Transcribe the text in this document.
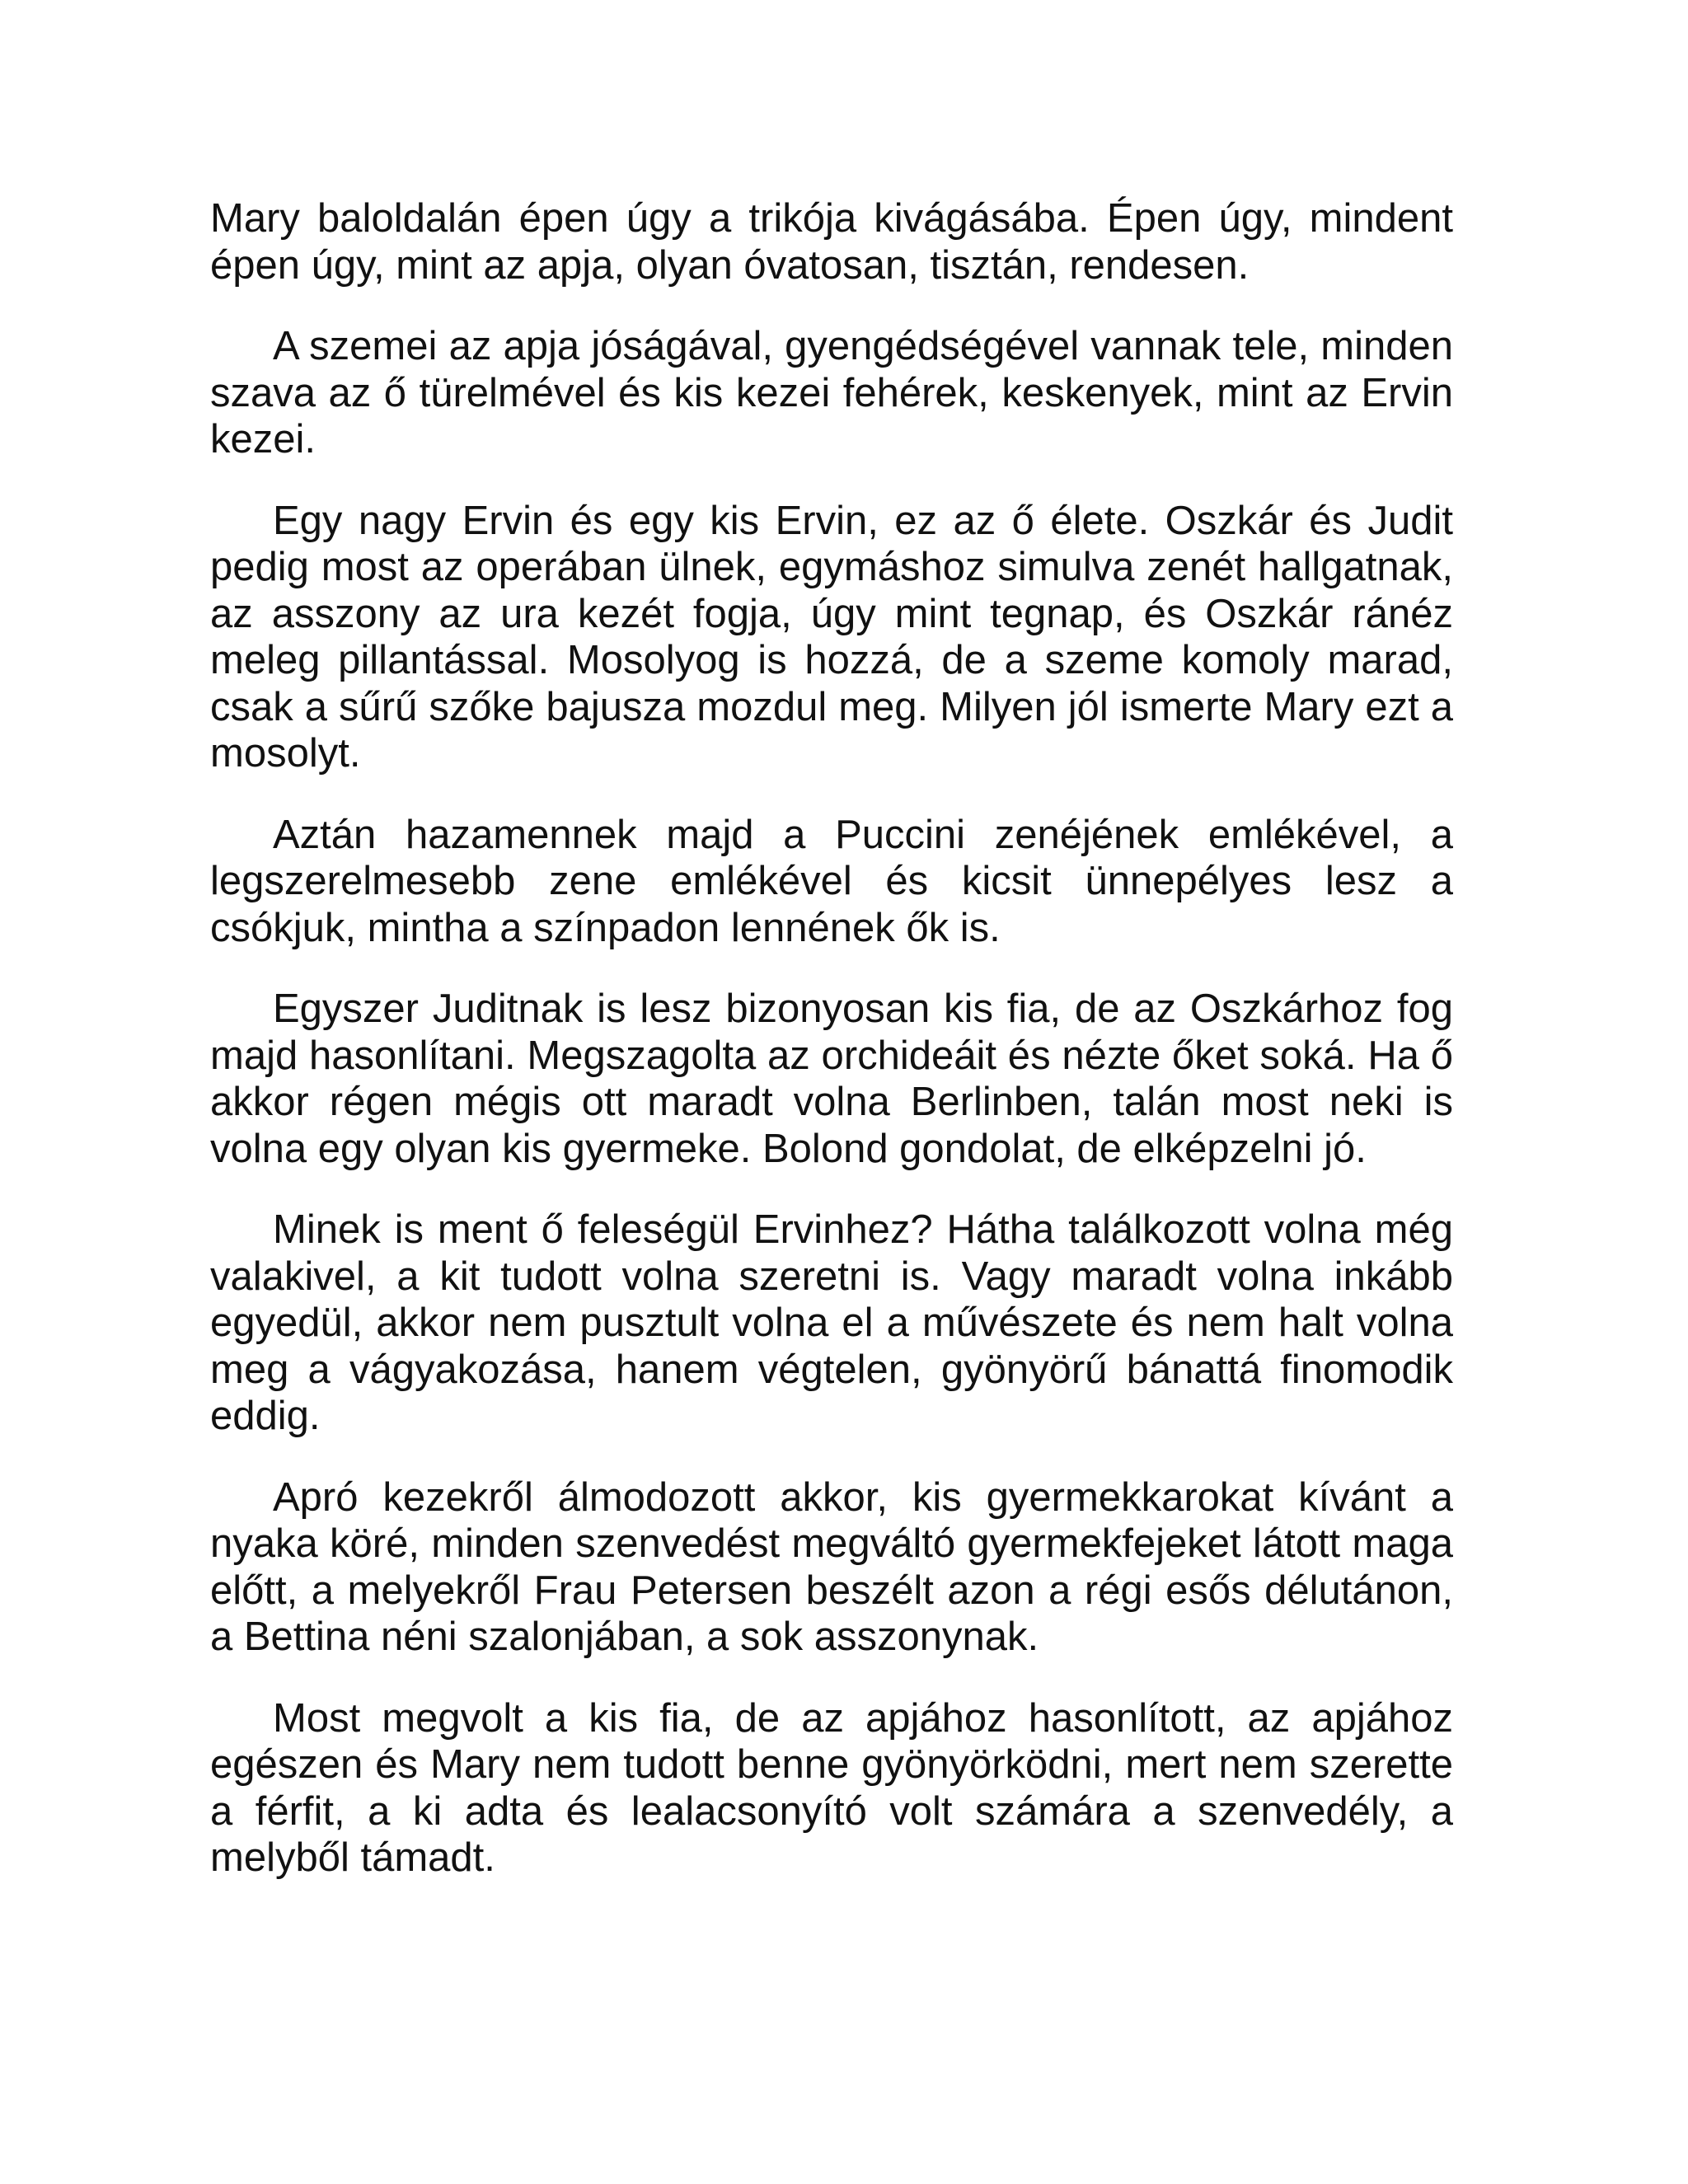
Mary baloldalán épen úgy a trikója kivágásába. Épen úgy, mindent épen úgy, mint az apja, olyan óvatosan, tisztán, rendesen.

A szemei az apja jóságával, gyengédségével vannak tele, minden szava az ő türelmével és kis kezei fehérek, keskenyek, mint az Ervin kezei.

Egy nagy Ervin és egy kis Ervin, ez az ő élete. Oszkár és Judit pedig most az operában ülnek, egymáshoz simulva zenét hallgatnak, az asszony az ura kezét fogja, úgy mint tegnap, és Oszkár ránéz meleg pillantással. Mosolyog is hozzá, de a szeme komoly marad, csak a sűrű szőke bajusza mozdul meg. Milyen jól ismerte Mary ezt a mosolyt.

Aztán hazamennek majd a Puccini zenéjének emlékével, a legszerelmesebb zene emlékével és kicsit ünnepélyes lesz a csókjuk, mintha a színpadon lennének ők is.

Egyszer Juditnak is lesz bizonyosan kis fia, de az Oszkárhoz fog majd hasonlítani. Megszagolta az orchideáit és nézte őket soká. Ha ő akkor régen mégis ott maradt volna Berlinben, talán most neki is volna egy olyan kis gyermeke. Bolond gondolat, de elképzelni jó.

Minek is ment ő feleségül Ervinhez? Hátha találkozott volna még valakivel, a kit tudott volna szeretni is. Vagy maradt volna inkább egyedül, akkor nem pusztult volna el a művészete és nem halt volna meg a vágyakozása, hanem végtelen, gyönyörű bánattá finomodik eddig.

Apró kezekről álmodozott akkor, kis gyermekkarokat kívánt a nyaka köré, minden szenvedést megváltó gyermekfejeket látott maga előtt, a melyekről Frau Petersen beszélt azon a régi esős délutánon, a Bettina néni szalonjában, a sok asszonynak.

Most megvolt a kis fia, de az apjához hasonlított, az apjához egészen és Mary nem tudott benne gyönyörködni, mert nem szerette a férfit, a ki adta és lealacsonyító volt számára a szenvedély, a melyből támadt.
